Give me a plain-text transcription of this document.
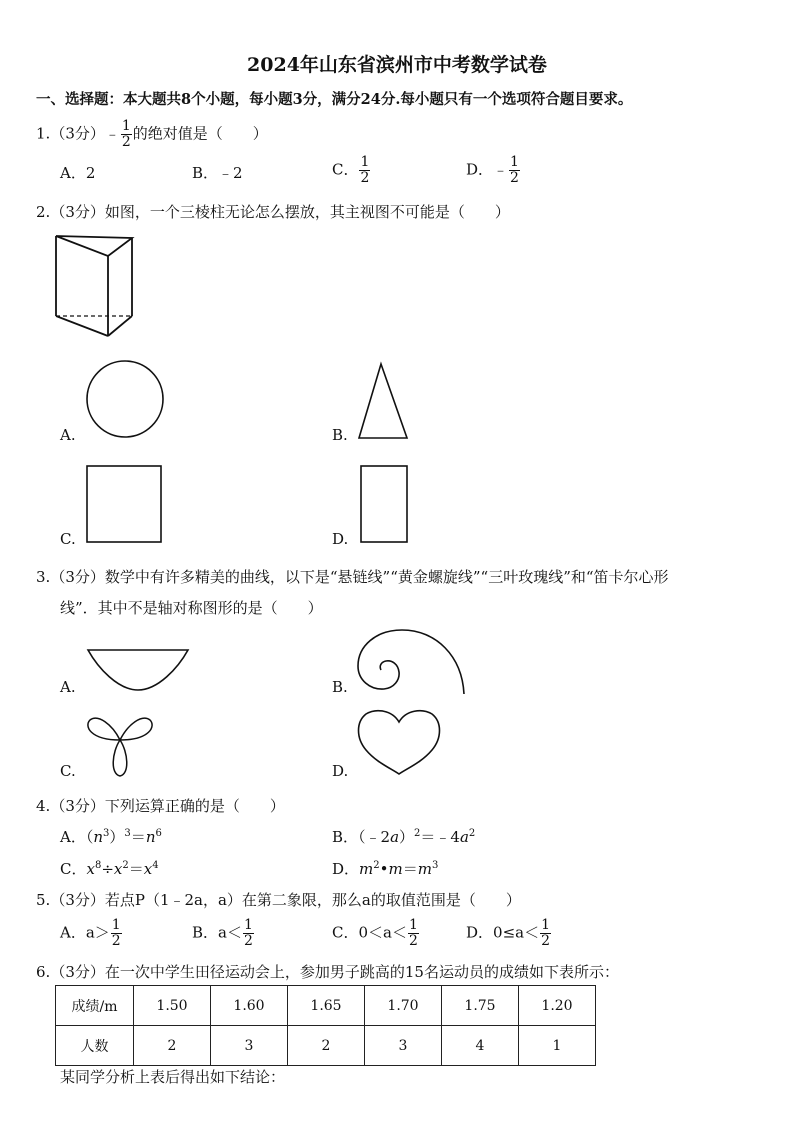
2024年山东省滨州市中考数学试卷
一、选择题：本大题共8个小题，每小题3分，满分24分.每小题只有一个选项符合题目要求。
1.（3分）﹣ $\frac{1}{2}$ 的绝对值是（　　）
A．2	B．﹣2	C． $\frac{1}{2}$	D．﹣ $\frac{1}{2}$
2.（3分）如图，一个三棱柱无论怎么摆放，其主视图不可能是（　　）
A.	B.
C.	D.
3.（3分）数学中有许多精美的曲线，以下是“悬链线”“黄金螺旋线”“三叶玫瑰线”和“笛卡尔心形
线”．其中不是轴对称图形的是（　　）
A.	B.
C.	D.
4.（3分）下列运算正确的是（　　）
A．$(n^3)^3=n^6$	B．$(﹣2a)^2=﹣4a^2$
C．$x^8\div x^2=x^4$	D．$m^2•m=m^3$
5.（3分）若点P（1﹣2a，a）在第二象限，那么a的取值范围是（　　）
A．$a> \frac{1}{2}$	B．$a< \frac{1}{2}$	C．$0<a< \frac{1}{2}$	D．$0\le a< \frac{1}{2}$
6.（3分）在一次中学生田径运动会上，参加男子跳高的15名运动员的成绩如下表所示：
成绩/m	1.50	1.60	1.65	1.70	1.75	1.20
人数	2	3	2	3	4	1
某同学分析上表后得出如下结论：
